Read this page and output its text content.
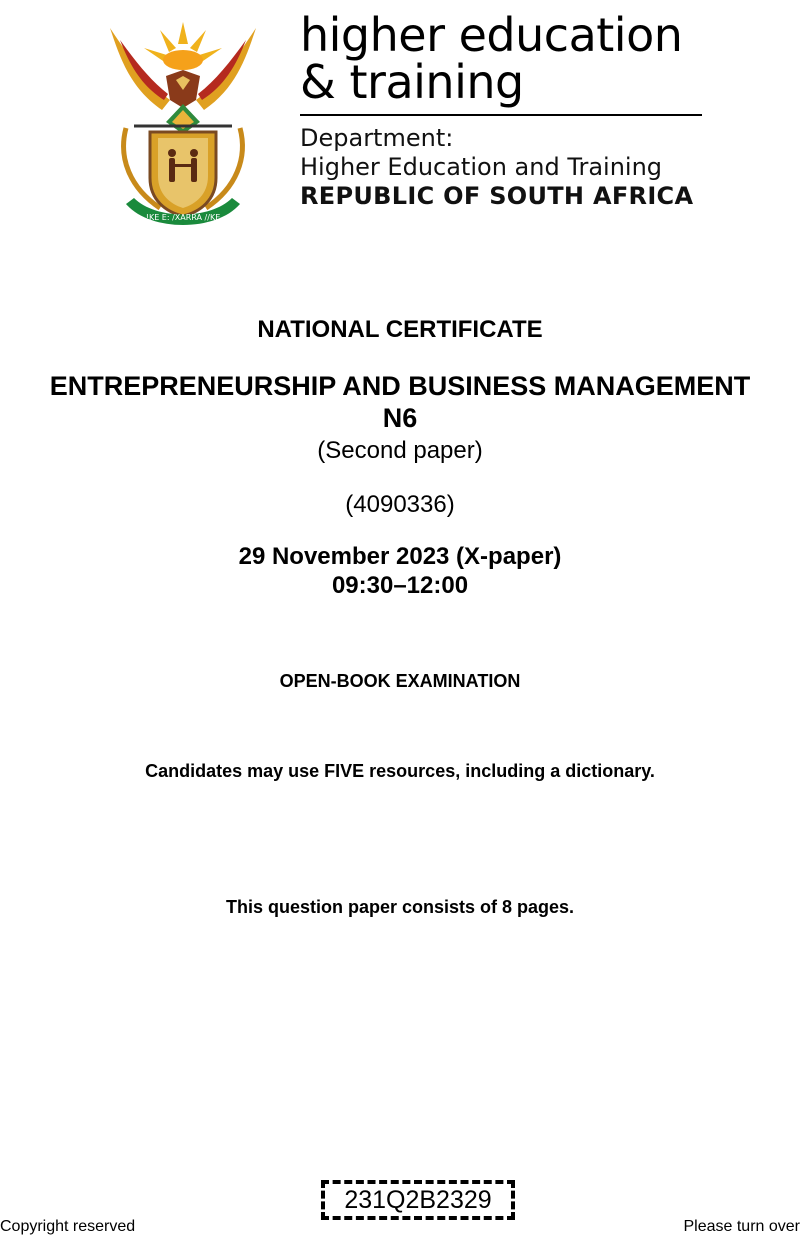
!KE E: /XARRA //KE
higher education
& training
Department:
Higher Education and Training
REPUBLIC OF SOUTH AFRICA
NATIONAL CERTIFICATE
ENTREPRENEURSHIP AND BUSINESS MANAGEMENT
N6
(Second paper)
(4090336)
29 November 2023 (X-paper)
09:30–12:00
OPEN-BOOK EXAMINATION
Candidates may use FIVE resources, including a dictionary.
This question paper consists of 8 pages.
231Q2B2329
Copyright reserved	Please turn over
